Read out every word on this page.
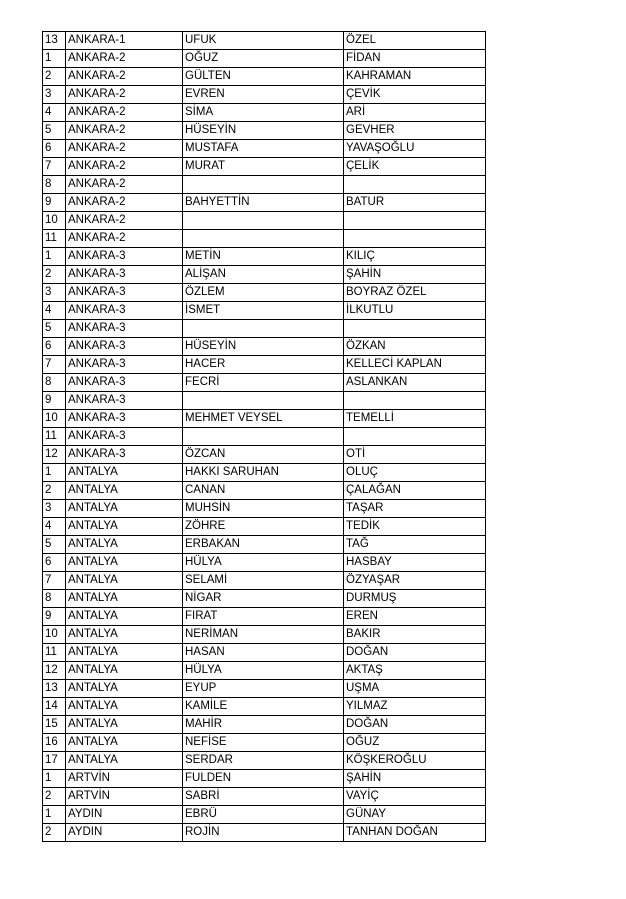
13	ANKARA-1	UFUK	ÖZEL
1	ANKARA-2	OĞUZ	FİDAN
2	ANKARA-2	GÜLTEN	KAHRAMAN
3	ANKARA-2	EVREN	ÇEVİK
4	ANKARA-2	SİMA	ARİ
5	ANKARA-2	HÜSEYİN	GEVHER
6	ANKARA-2	MUSTAFA	YAVAŞOĞLU
7	ANKARA-2	MURAT	ÇELİK
8	ANKARA-2		
9	ANKARA-2	BAHYETTİN	BATUR
10	ANKARA-2		
11	ANKARA-2		
1	ANKARA-3	METİN	KILIÇ
2	ANKARA-3	ALİŞAN	ŞAHİN
3	ANKARA-3	ÖZLEM	BOYRAZ ÖZEL
4	ANKARA-3	İSMET	İLKUTLU
5	ANKARA-3		
6	ANKARA-3	HÜSEYİN	ÖZKAN
7	ANKARA-3	HACER	KELLECİ KAPLAN
8	ANKARA-3	FECRİ	ASLANKAN
9	ANKARA-3		
10	ANKARA-3	MEHMET VEYSEL	TEMELLİ
11	ANKARA-3		
12	ANKARA-3	ÖZCAN	OTİ
1	ANTALYA	HAKKI SARUHAN	OLUÇ
2	ANTALYA	CANAN	ÇALAĞAN
3	ANTALYA	MUHSİN	TAŞAR
4	ANTALYA	ZÖHRE	TEDİK
5	ANTALYA	ERBAKAN	TAĞ
6	ANTALYA	HÜLYA	HASBAY
7	ANTALYA	SELAMİ	ÖZYAŞAR
8	ANTALYA	NİGAR	DURMUŞ
9	ANTALYA	FIRAT	EREN
10	ANTALYA	NERİMAN	BAKIR
11	ANTALYA	HASAN	DOĞAN
12	ANTALYA	HÜLYA	AKTAŞ
13	ANTALYA	EYUP	UŞMA
14	ANTALYA	KAMİLE	YILMAZ
15	ANTALYA	MAHİR	DOĞAN
16	ANTALYA	NEFİSE	OĞUZ
17	ANTALYA	SERDAR	KÖŞKEROĞLU
1	ARTVİN	FULDEN	ŞAHİN
2	ARTVİN	SABRİ	VAYİÇ
1	AYDIN	EBRÜ	GÜNAY
2	AYDIN	ROJİN	TANHAN DOĞAN
